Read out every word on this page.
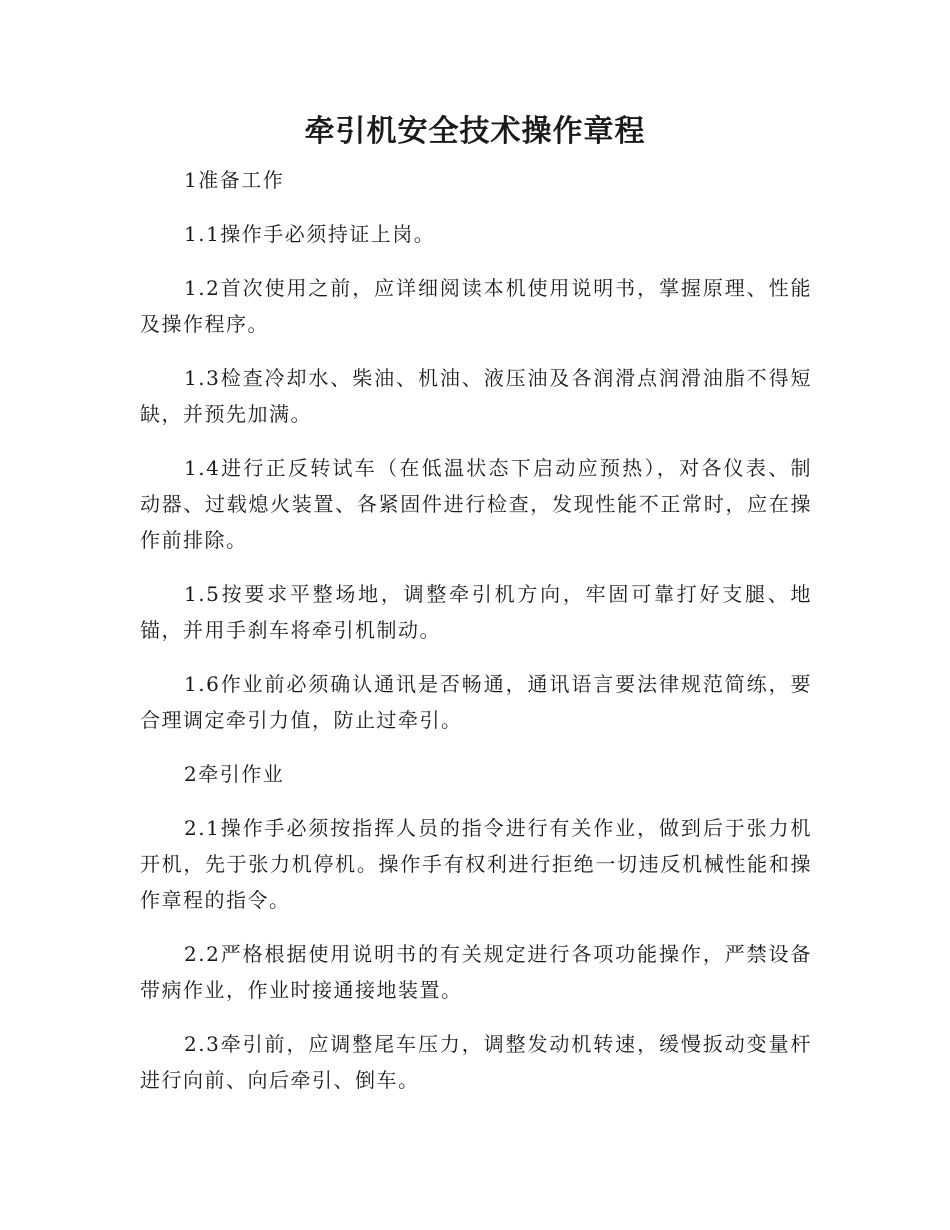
牵引机安全技术操作章程

1准备工作

1.1操作手必须持证上岗。

1.2首次使用之前，应详细阅读本机使用说明书，掌握原理、性能及操作程序。

1.3检查冷却水、柴油、机油、液压油及各润滑点润滑油脂不得短缺，并预先加满。

1.4进行正反转试车（在低温状态下启动应预热），对各仪表、制动器、过载熄火装置、各紧固件进行检查，发现性能不正常时，应在操作前排除。

1.5按要求平整场地，调整牵引机方向，牢固可靠打好支腿、地锚，并用手刹车将牵引机制动。

1.6作业前必须确认通讯是否畅通，通讯语言要法律规范简练，要合理调定牵引力值，防止过牵引。

2牵引作业

2.1操作手必须按指挥人员的指令进行有关作业，做到后于张力机开机，先于张力机停机。操作手有权利进行拒绝一切违反机械性能和操作章程的指令。

2.2严格根据使用说明书的有关规定进行各项功能操作，严禁设备带病作业，作业时接通接地装置。

2.3牵引前，应调整尾车压力，调整发动机转速，缓慢扳动变量杆进行向前、向后牵引、倒车。
